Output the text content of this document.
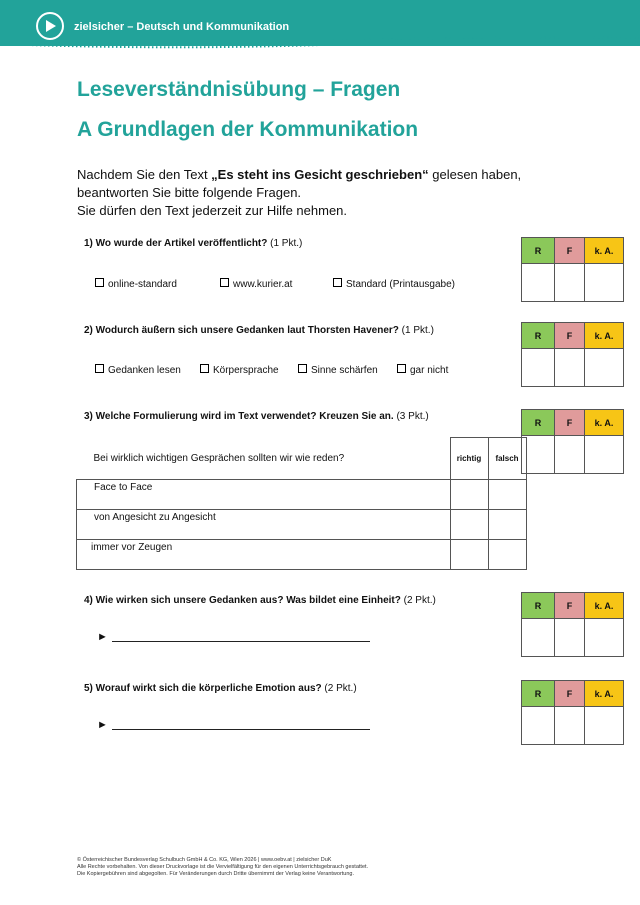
zielsicher – Deutsch und Kommunikation
Leseverständnisübung – Fragen
A Grundlagen der Kommunikation
Nachdem Sie den Text „Es steht ins Gesicht geschrieben“ gelesen haben,
beantworten Sie bitte folgende Fragen.
Sie dürfen den Text jederzeit zur Hilfe nehmen.
1) Wo wurde der Artikel veröffentlicht? (1 Pkt.)
online-standard	www.kurier.at	Standard (Printausgabe)
R	F	k. A.

2) Wodurch äußern sich unsere Gedanken laut Thorsten Havener? (1 Pkt.)
Gedanken lesen	Körpersprache	Sinne schärfen	gar nicht
R	F	k. A.

3) Welche Formulierung wird im Text verwendet? Kreuzen Sie an. (3 Pkt.)
R	F	k. A.

Bei wirklich wichtigen Gesprächen sollten wir wie reden?	richtig	falsch
Face to Face		
von Angesicht zu Angesicht		
immer vor Zeugen		
4) Wie wirken sich unsere Gedanken aus? Was bildet eine Einheit? (2 Pkt.)
►
R	F	k. A.

5) Worauf wirkt sich die körperliche Emotion aus? (2 Pkt.)
►
R	F	k. A.

© Österreichischer Bundesverlag Schulbuch GmbH & Co. KG, Wien 2026 | www.oebv.at | zielsicher DuK
Alle Rechte vorbehalten. Von dieser Druckvorlage ist die Vervielfältigung für den eigenen Unterrichtsgebrauch gestattet.
Die Kopiergebühren sind abgegolten. Für Veränderungen durch Dritte übernimmt der Verlag keine Verantwortung.
